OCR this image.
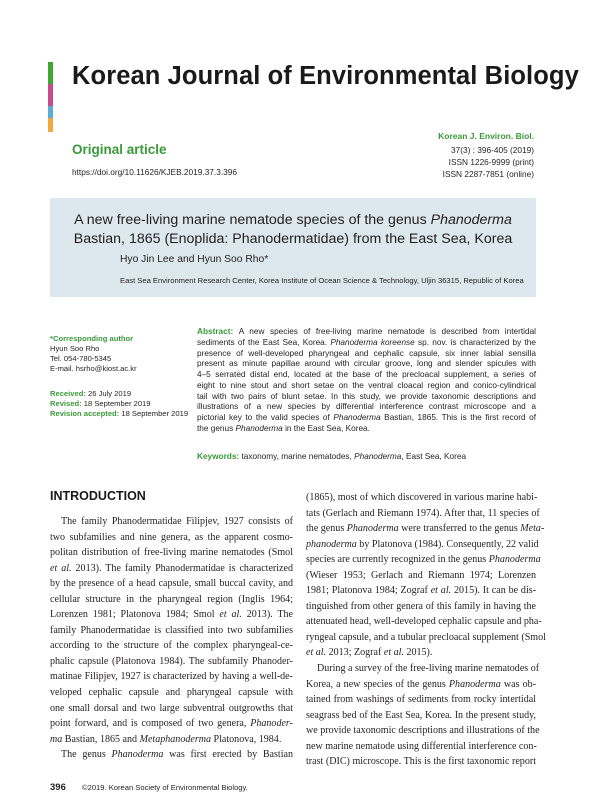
Korean Journal of Environmental Biology
Original article
https://doi.org/10.11626/KJEB.2019.37.3.396
Korean J. Environ. Biol.
37(3) : 396-405 (2019)
ISSN 1226-9999 (print)
ISSN 2287-7851 (online)
A new free-living marine nematode species of the genus Phanoderma
Bastian, 1865 (Enoplida: Phanodermatidae) from the East Sea, Korea
Hyo Jin Lee and Hyun Soo Rho*
East Sea Environment Research Center, Korea Institute of Ocean Science & Technology, Uljin 36315, Republic of Korea
*Corresponding author
Hyun Soo Rho
Tel. 054-780-5345
E-mail. hsrho@kiost.ac.kr
Received: 26 July 2019
Revised: 18 September 2019
Revision accepted: 18 September 2019
Abstract: A new species of free-living marine nematode is described from intertidal
sediments of the East Sea, Korea. Phanoderma koreense sp. nov. is characterized by the
presence of well-developed pharyngeal and cephalic capsule, six inner labial sensilla
present as minute papillae around with circular groove, long and slender spicules with
4–5 serrated distal end, located at the base of the precloacal supplement, a series of
eight to nine stout and short setae on the ventral cloacal region and conico-cylindrical
tail with two pairs of blunt setae. In this study, we provide taxonomic descriptions and
illustrations of a new species by differential interference contrast microscope and a
pictorial key to the valid species of Phanoderma Bastian, 1865. This is the first record of
the genus Phanoderma in the East Sea, Korea.
Keywords: taxonomy, marine nematodes, Phanoderma, East Sea, Korea
INTRODUCTION
The family Phanodermatidae Filipjev, 1927 consists of
two subfamilies and nine genera, as the apparent cosmo-
politan distribution of free-living marine nematodes (Smol
et al. 2013). The family Phanodermatidae is characterized
by the presence of a head capsule, small buccal cavity, and
cellular structure in the pharyngeal region (Inglis 1964;
Lorenzen 1981; Platonova 1984; Smol et al. 2013). The
family Phanodermatidae is classified into two subfamilies
according to the structure of the complex pharyngeal-ce-
phalic capsule (Platonova 1984). The subfamily Phanoder-
matinae Filipjev, 1927 is characterized by having a well-de-
veloped cephalic capsule and pharyngeal capsule with
one small dorsal and two large subventral outgrowths that
point forward, and is composed of two genera, Phanoder-
ma Bastian, 1865 and Metaphanoderma Platonova, 1984.
The genus Phanoderma was first erected by Bastian
(1865), most of which discovered in various marine habi-
tats (Gerlach and Riemann 1974). After that, 11 species of
the genus Phanoderma were transferred to the genus Meta-
phanoderma by Platonova (1984). Consequently, 22 valid
species are currently recognized in the genus Phanoderma
(Wieser 1953; Gerlach and Riemann 1974; Lorenzen
1981; Platonova 1984; Zograf et al. 2015). It can be dis-
tinguished from other genera of this family in having the
attenuated head, well-developed cephalic capsule and pha-
ryngeal capsule, and a tubular precloacal supplement (Smol
et al. 2013; Zograf et al. 2015).
During a survey of the free-living marine nematodes of
Korea, a new species of the genus Phanoderma was ob-
tained from washings of sediments from rocky intertidal
seagrass bed of the East Sea, Korea. In the present study,
we provide taxonomic descriptions and illustrations of the
new marine nematode using differential interference con-
trast (DIC) microscope. This is the first taxonomic report
396 ©2019. Korean Society of Environmental Biology.
